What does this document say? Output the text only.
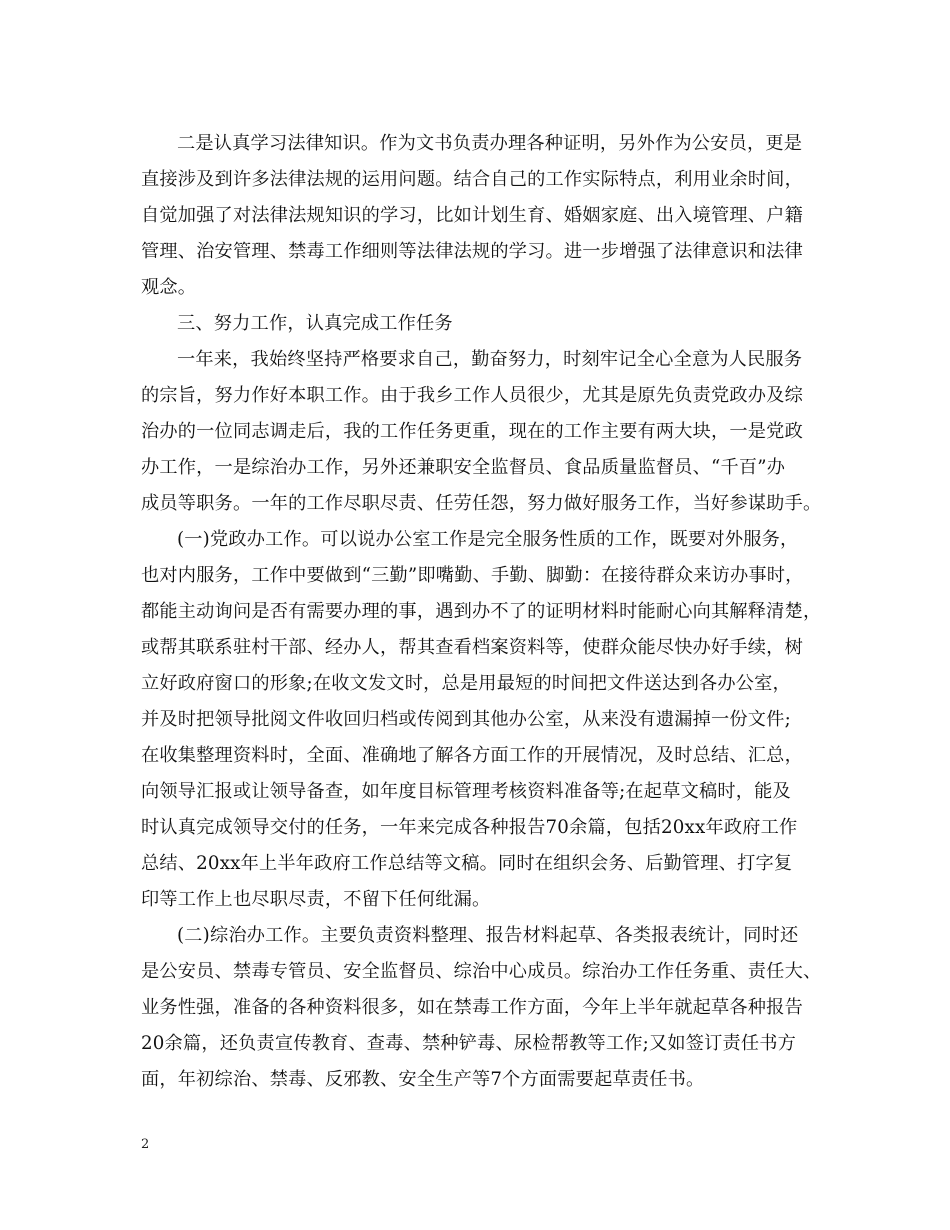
二是认真学习法律知识。作为文书负责办理各种证明，另外作为公安员，更是
直接涉及到许多法律法规的运用问题。结合自己的工作实际特点，利用业余时间，
自觉加强了对法律法规知识的学习，比如计划生育、婚姻家庭、出入境管理、户籍
管理、治安管理、禁毒工作细则等法律法规的学习。进一步增强了法律意识和法律
观念。
三、努力工作，认真完成工作任务
一年来，我始终坚持严格要求自己，勤奋努力，时刻牢记全心全意为人民服务
的宗旨，努力作好本职工作。由于我乡工作人员很少，尤其是原先负责党政办及综
治办的一位同志调走后，我的工作任务更重，现在的工作主要有两大块，一是党政
办工作，一是综治办工作，另外还兼职安全监督员、食品质量监督员、“千百”办
成员等职务。一年的工作尽职尽责、任劳任怨，努力做好服务工作，当好参谋助手。
(一)党政办工作。可以说办公室工作是完全服务性质的工作，既要对外服务，
也对内服务，工作中要做到“三勤”即嘴勤、手勤、脚勤：在接待群众来访办事时，
都能主动询问是否有需要办理的事，遇到办不了的证明材料时能耐心向其解释清楚，
或帮其联系驻村干部、经办人，帮其查看档案资料等，使群众能尽快办好手续，树
立好政府窗口的形象;在收文发文时，总是用最短的时间把文件送达到各办公室，
并及时把领导批阅文件收回归档或传阅到其他办公室，从来没有遗漏掉一份文件;
在收集整理资料时，全面、准确地了解各方面工作的开展情况，及时总结、汇总，
向领导汇报或让领导备查，如年度目标管理考核资料准备等;在起草文稿时，能及
时认真完成领导交付的任务，一年来完成各种报告70余篇，包括20xx年政府工作
总结、20xx年上半年政府工作总结等文稿。同时在组织会务、后勤管理、打字复
印等工作上也尽职尽责，不留下任何纰漏。
(二)综治办工作。主要负责资料整理、报告材料起草、各类报表统计，同时还
是公安员、禁毒专管员、安全监督员、综治中心成员。综治办工作任务重、责任大、
业务性强，准备的各种资料很多，如在禁毒工作方面，今年上半年就起草各种报告
20余篇，还负责宣传教育、查毒、禁种铲毒、尿检帮教等工作;又如签订责任书方
面，年初综治、禁毒、反邪教、安全生产等7个方面需要起草责任书。
2
